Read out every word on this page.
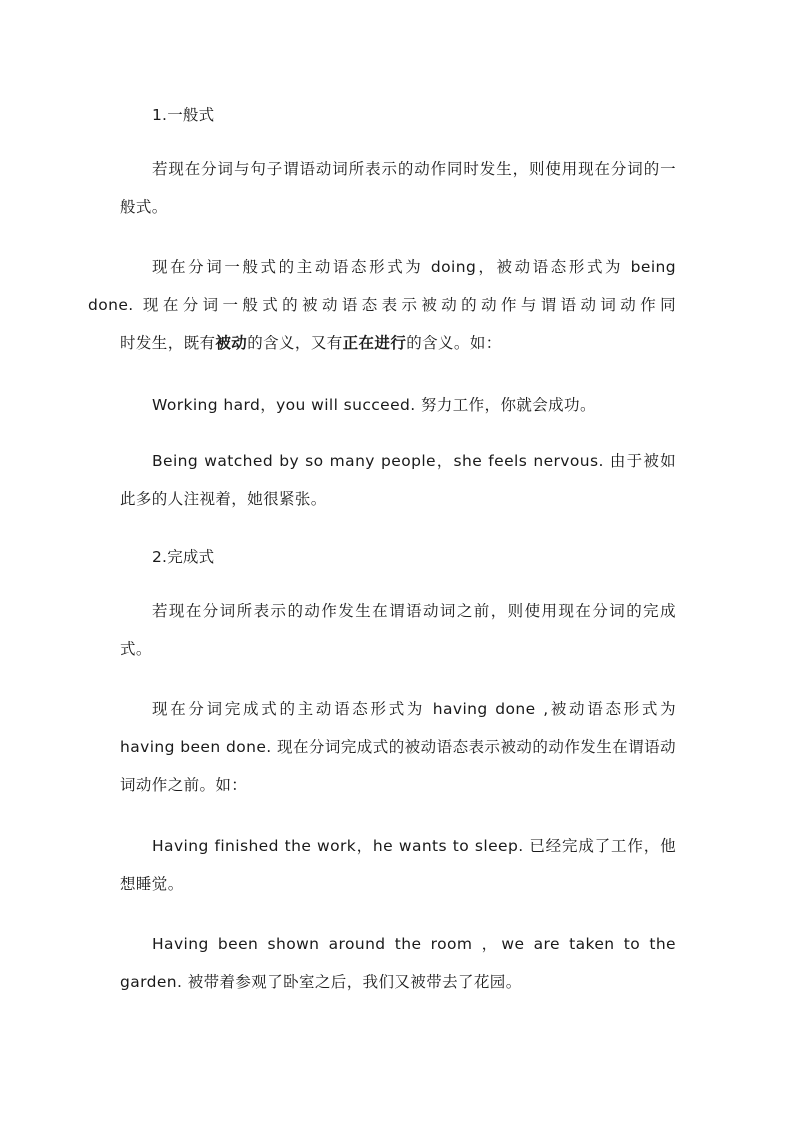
1.一般式

若现在分词与句子谓语动词所表示的动作同时发生，则使用现在分词的一般式。

现在分词一般式的主动语态形式为 doing，被动语态形式为 being
done. 现在分词一般式的被动语态表示被动的动作与谓语动词动作同
时发生，既有被动的含义，又有正在进行的含义。如：

Working hard，you will succeed. 努力工作，你就会成功。

Being watched by so many people，she feels nervous. 由于被如此多的人注视着，她很紧张。

2.完成式

若现在分词所表示的动作发生在谓语动词之前，则使用现在分词的完成式。

现在分词完成式的主动语态形式为 having done ,被动语态形式为 having been done. 现在分词完成式的被动语态表示被动的动作发生在谓语动词动作之前。如：

Having finished the work，he wants to sleep. 已经完成了工作，他想睡觉。

Having been shown around the room ，we are taken to the garden. 被带着参观了卧室之后，我们又被带去了花园。
